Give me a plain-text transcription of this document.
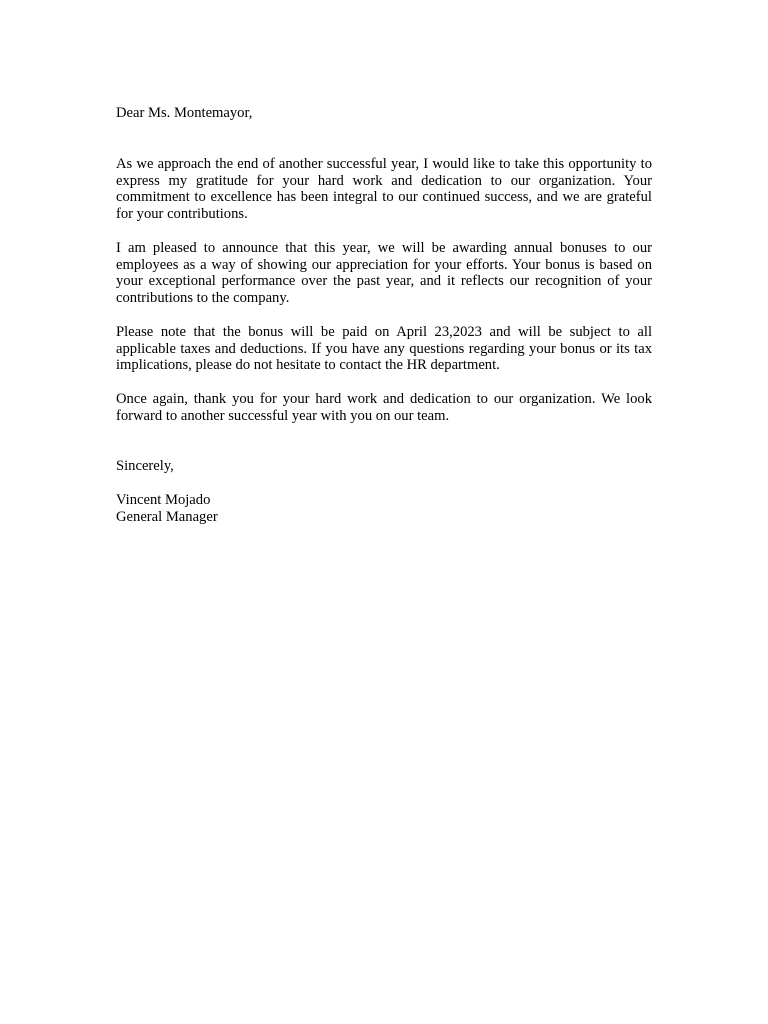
Dear Ms. Montemayor,

As we approach the end of another successful year, I would like to take this opportunity to express my gratitude for your hard work and dedication to our organization. Your commitment to excellence has been integral to our continued success, and we are grateful for your contributions.

I am pleased to announce that this year, we will be awarding annual bonuses to our employees as a way of showing our appreciation for your efforts. Your bonus is based on your exceptional performance over the past year, and it reflects our recognition of your contributions to the company.

Please note that the bonus will be paid on April 23,2023 and will be subject to all applicable taxes and deductions. If you have any questions regarding your bonus or its tax implications, please do not hesitate to contact the HR department.

Once again, thank you for your hard work and dedication to our organization. We look forward to another successful year with you on our team.

Sincerely,

Vincent Mojado

General Manager
